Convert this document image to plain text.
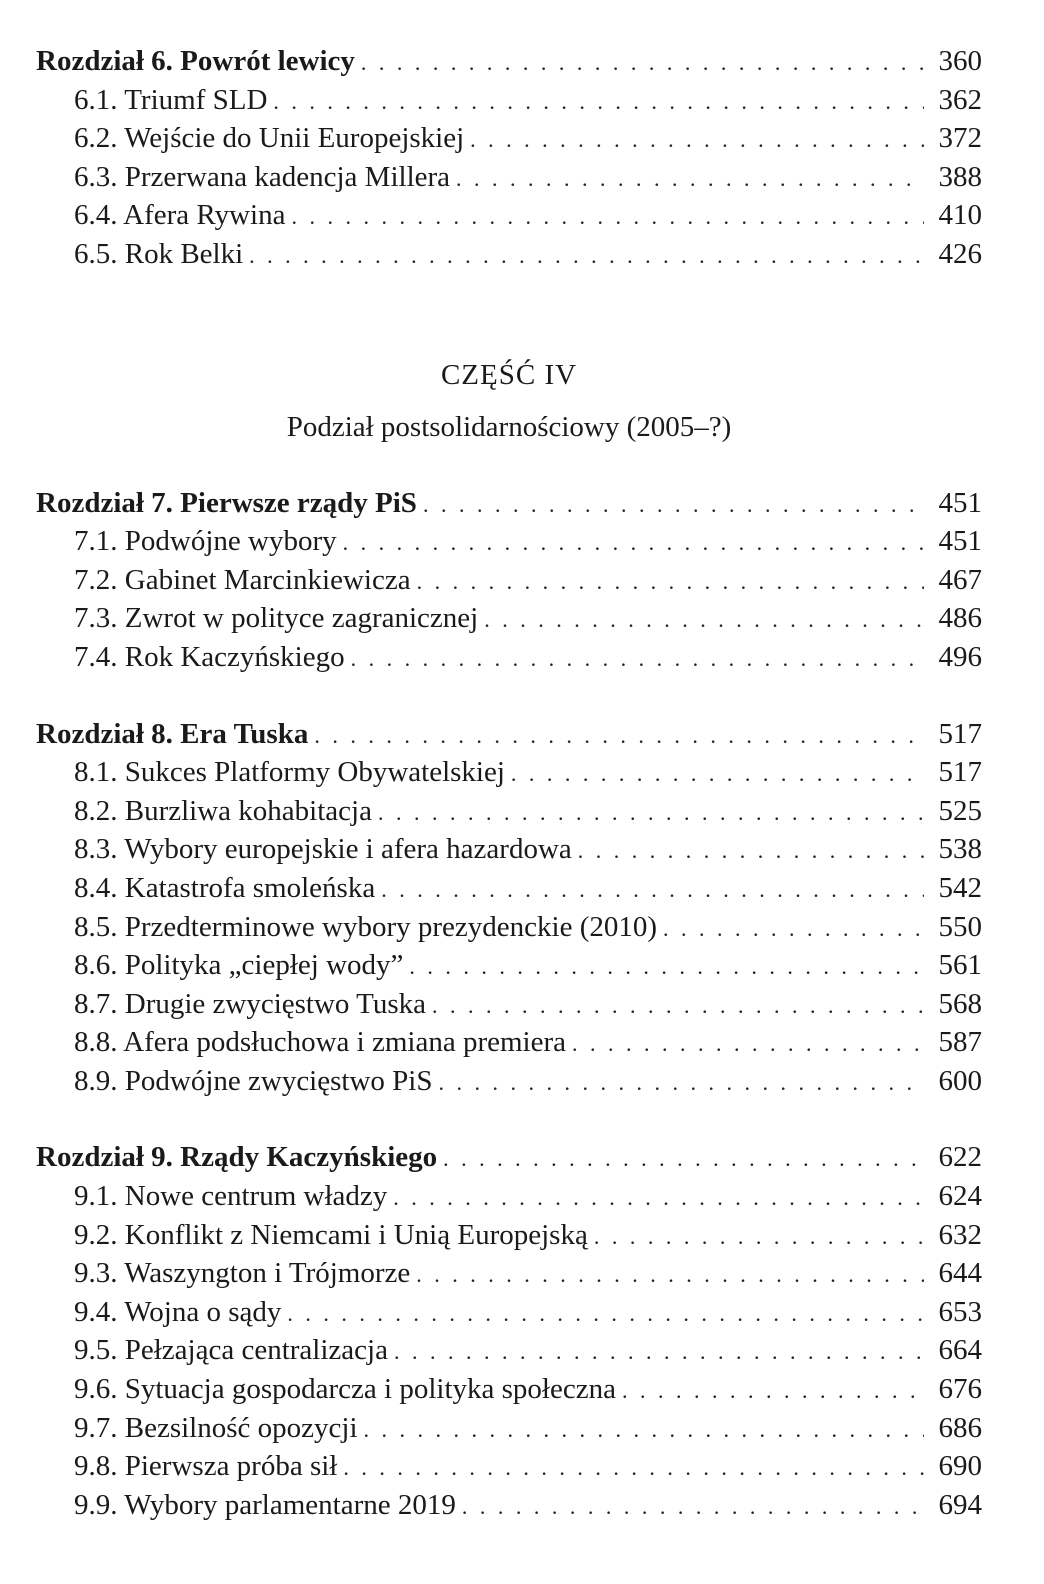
Rozdział 6. Powrót lewicy . . .	360
6.1. Triumf SLD . . .	362
6.2. Wejście do Unii Europejskiej . . .	372
6.3. Przerwana kadencja Millera . . .	388
6.4. Afera Rywina . . .	410
6.5. Rok Belki . . .	426
CZĘŚĆ IV
Podział postsolidarnościowy (2005–?)
Rozdział 7. Pierwsze rządy PiS . . .	451
7.1. Podwójne wybory . . .	451
7.2. Gabinet Marcinkiewicza . . .	467
7.3. Zwrot w polityce zagranicznej . . .	486
7.4. Rok Kaczyńskiego . . .	496
Rozdział 8. Era Tuska . . .	517
8.1. Sukces Platformy Obywatelskiej . . .	517
8.2. Burzliwa kohabitacja . . .	525
8.3. Wybory europejskie i afera hazardowa . . .	538
8.4. Katastrofa smoleńska . . .	542
8.5. Przedterminowe wybory prezydenckie (2010) . . .	550
8.6. Polityka „ciepłej wody” . . .	561
8.7. Drugie zwycięstwo Tuska . . .	568
8.8. Afera podsłuchowa i zmiana premiera . . .	587
8.9. Podwójne zwycięstwo PiS . . .	600
Rozdział 9. Rządy Kaczyńskiego . . .	622
9.1. Nowe centrum władzy . . .	624
9.2. Konflikt z Niemcami i Unią Europejską . . .	632
9.3. Waszyngton i Trójmorze . . .	644
9.4. Wojna o sądy . . .	653
9.5. Pełzająca centralizacja . . .	664
9.6. Sytuacja gospodarcza i polityka społeczna . . .	676
9.7. Bezsilność opozycji . . .	686
9.8. Pierwsza próba sił . . .	690
9.9. Wybory parlamentarne 2019 . . .	694
